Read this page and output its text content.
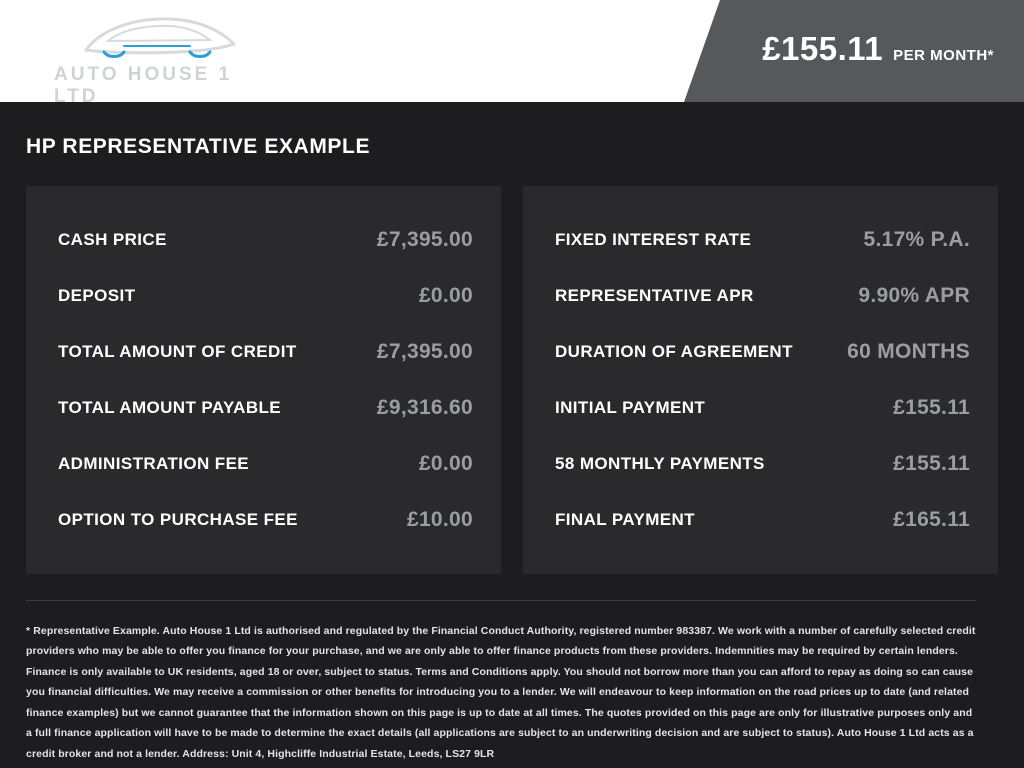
AUTO HOUSE 1 LTD
£155.11 PER MONTH*
HP REPRESENTATIVE EXAMPLE
CASH PRICE	£7,395.00
DEPOSIT	£0.00
TOTAL AMOUNT OF CREDIT	£7,395.00
TOTAL AMOUNT PAYABLE	£9,316.60
ADMINISTRATION FEE	£0.00
OPTION TO PURCHASE FEE	£10.00
FIXED INTEREST RATE	5.17% P.A.
REPRESENTATIVE APR	9.90% APR
DURATION OF AGREEMENT	60 MONTHS
INITIAL PAYMENT	£155.11
58 MONTHLY PAYMENTS	£155.11
FINAL PAYMENT	£165.11
* Representative Example. Auto House 1 Ltd is authorised and regulated by the Financial Conduct Authority, registered number 983387. We work with a number of carefully selected credit providers who may be able to offer you finance for your purchase, and we are only able to offer finance products from these providers. Indemnities may be required by certain lenders. Finance is only available to UK residents, aged 18 or over, subject to status. Terms and Conditions apply. You should not borrow more than you can afford to repay as doing so can cause you financial difficulties. We may receive a commission or other benefits for introducing you to a lender. We will endeavour to keep information on the road prices up to date (and related finance examples) but we cannot guarantee that the information shown on this page is up to date at all times. The quotes provided on this page are only for illustrative purposes only and a full finance application will have to be made to determine the exact details (all applications are subject to an underwriting decision and are subject to status). Auto House 1 Ltd acts as a credit broker and not a lender. Address: Unit 4, Highcliffe Industrial Estate, Leeds, LS27 9LR
